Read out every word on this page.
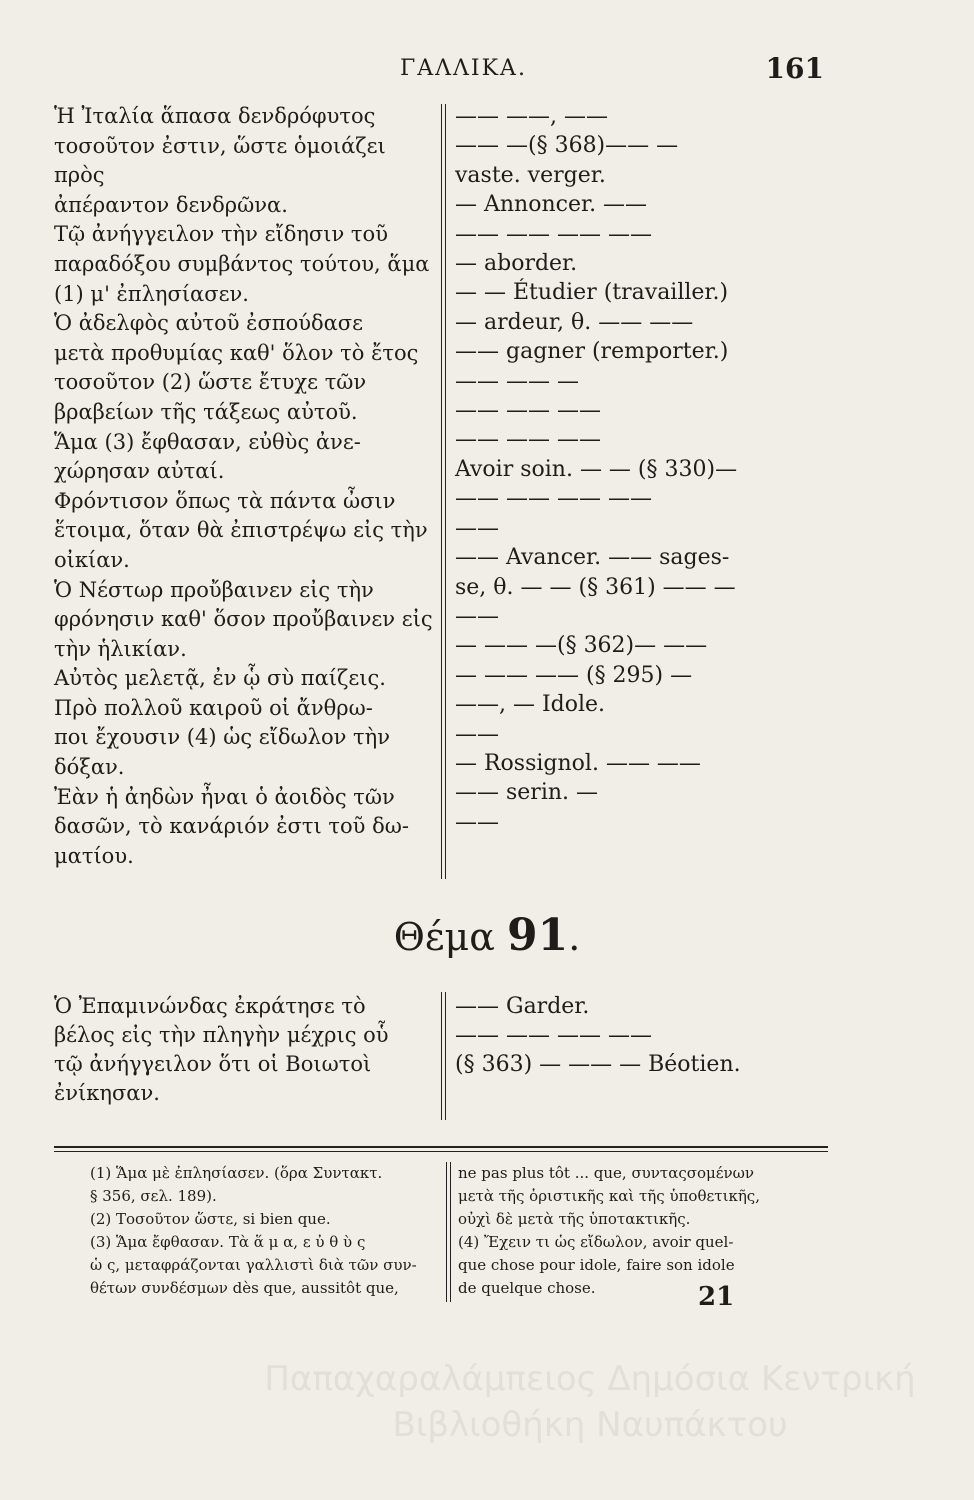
ΓΑΛΛΙΚΑ.	161

Ἡ Ἰταλία ἅπασα δενδρόφυτος

τοσοῦτον ἐστιν, ὥστε ὁμοιάζει πρὸς

ἀπέραντον δενδρῶνα.

Τῷ ἀνήγγειλον τὴν εἴδησιν τοῦ

παραδόξου συμβάντος τούτου, ἅμα

(1) μ' ἐπλησίασεν.

Ὁ ἀδελφὸς αὐτοῦ ἐσπούδασε

μετὰ προθυμίας καθ' ὅλον τὸ ἔτος

τοσοῦτον (2) ὥστε ἔτυχε τῶν

βραβείων τῆς τάξεως αὐτοῦ.

Ἅμα (3) ἔφθασαν, εὐθὺς ἀνε-

χώρησαν αὐταί.

Φρόντισον ὅπως τὰ πάντα ὦσιν

ἕτοιμα, ὅταν θὰ ἐπιστρέψω εἰς τὴν

οἰκίαν.

Ὁ Νέστωρ προὔβαινεν εἰς τὴν

φρόνησιν καθ' ὅσον προὔβαινεν εἰς

τὴν ἡλικίαν.

Αὐτὸς μελετᾷ, ἐν ᾧ σὺ παίζεις.

Πρὸ πολλοῦ καιροῦ οἱ ἄνθρω-

ποι ἔχουσιν (4) ὡς εἴδωλον τὴν

δόξαν.

Ἐὰν ἡ ἀηδὼν ἦναι ὁ ἀοιδὸς τῶν

δασῶν, τὸ κανάριόν ἐστι τοῦ δω-

ματίου.

—— ——, ——

—— —(§ 368)—— —

vaste. verger.

— Annoncer. ——

—— —— —— ——

— aborder.

— — Étudier (travailler.)

— ardeur, θ. —— ——

—— gagner (remporter.)

—— —— —

—— —— ——

—— —— ——

Avoir soin. — — (§ 330)—

—— —— —— ——

——

—— Avancer. —— sages-

se, θ. — — (§ 361) —— —

——

— —— —(§ 362)— ——

— —— —— (§ 295) —

——, — Idole.

——

— Rossignol. —— ——

—— serin. —

——

Θέμα 91.

Ὁ Ἐπαμινώνδας ἐκράτησε τὸ

βέλος εἰς τὴν πληγὴν μέχρις οὗ

τῷ ἀνήγγειλον ὅτι οἱ Βοιωτοὶ

ἐνίκησαν.

—— Garder.

—— —— —— ——

(§ 363) — —— — Béotien.

(1) Ἅμα μὲ ἐπλησίασεν. (ὅρα Συντακτ.

§ 356, σελ. 189).

(2) Τοσοῦτον ὥστε, si bien que.

(3) Ἅμα ἔφθασαν. Τὰ ἅ μ α, ε ὐ θ ὺ ς

ὡ ς, μεταφράζονται γαλλιστὶ διὰ τῶν συν-

θέτων συνδέσμων dès que, aussitôt que,

ne pas plus tôt ... que, συνταςσομένων

μετὰ τῆς ὁριστικῆς καὶ τῆς ὑποθετικῆς,

οὐχὶ δὲ μετὰ τῆς ὑποτακτικῆς.

(4) Ἔχειν τι ὡς εἴδωλον, avoir quel-

que chose pour idole, faire son idole

de quelque chose.	21
Παπαχαραλάμπειος Δημόσια Κεντρική
Βιβλιοθήκη Ναυπάκτου
